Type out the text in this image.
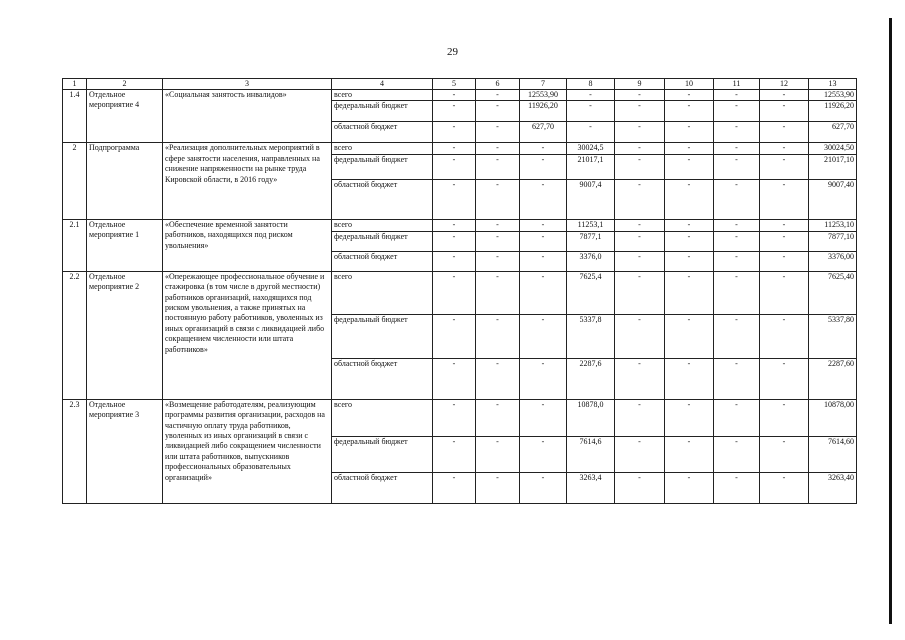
29
1	2	3	4	5	6	7	8	9	10	11	12	13
1.4	Отдельное мероприятие 4	«Социальная занятость инвалидов»	всего	-	-	12553,90	-	-	-	-	-	12553,90
			федеральный бюджет	-	-	11926,20	-	-	-	-	-	11926,20
			областной бюджет	-	-	627,70	-	-	-	-	-	627,70
2	Подпрограмма	«Реализация дополнительных мероприятий в сфере занятости населения, направленных на снижение напряженности на рынке труда Кировской области, в 2016 году»	всего	-	-	-	30024,5	-	-	-	-	30024,50
			федеральный бюджет	-	-	-	21017,1	-	-	-	-	21017,10
			областной бюджет	-	-	-	9007,4	-	-	-	-	9007,40
2.1	Отдельное мероприятие 1	«Обеспечение временной занятости работников, находящихся под риском увольнения»	всего	-	-	-	11253,1	-	-	-	-	11253,10
			федеральный бюджет	-	-	-	7877,1	-	-	-	-	7877,10
			областной бюджет	-	-	-	3376,0	-	-	-	-	3376,00
2.2	Отдельное мероприятие 2	«Опережающее профессиональное обучение и стажировка (в том числе в другой местности) работников организаций, находящихся под риском увольнения, а также принятых на постоянную работу работников, уволенных из иных организаций в связи с ликвидацией либо сокращением численности или штата работников»	всего	-	-	-	7625,4	-	-	-	-	7625,40
			федеральный бюджет	-	-	-	5337,8	-	-	-	-	5337,80
			областной бюджет	-	-	-	2287,6	-	-	-	-	2287,60
2.3	Отдельное мероприятие 3	«Возмещение работодателям, реализующим программы развития организации, расходов на частичную оплату труда работников, уволенных из иных организаций в связи с ликвидацией либо сокращением численности или штата работников, выпускников профессиональных образовательных организаций»	всего	-	-	-	10878,0	-	-	-	-	10878,00
			федеральный бюджет	-	-	-	7614,6	-	-	-	-	7614,60
			областной бюджет	-	-	-	3263,4	-	-	-	-	3263,40
